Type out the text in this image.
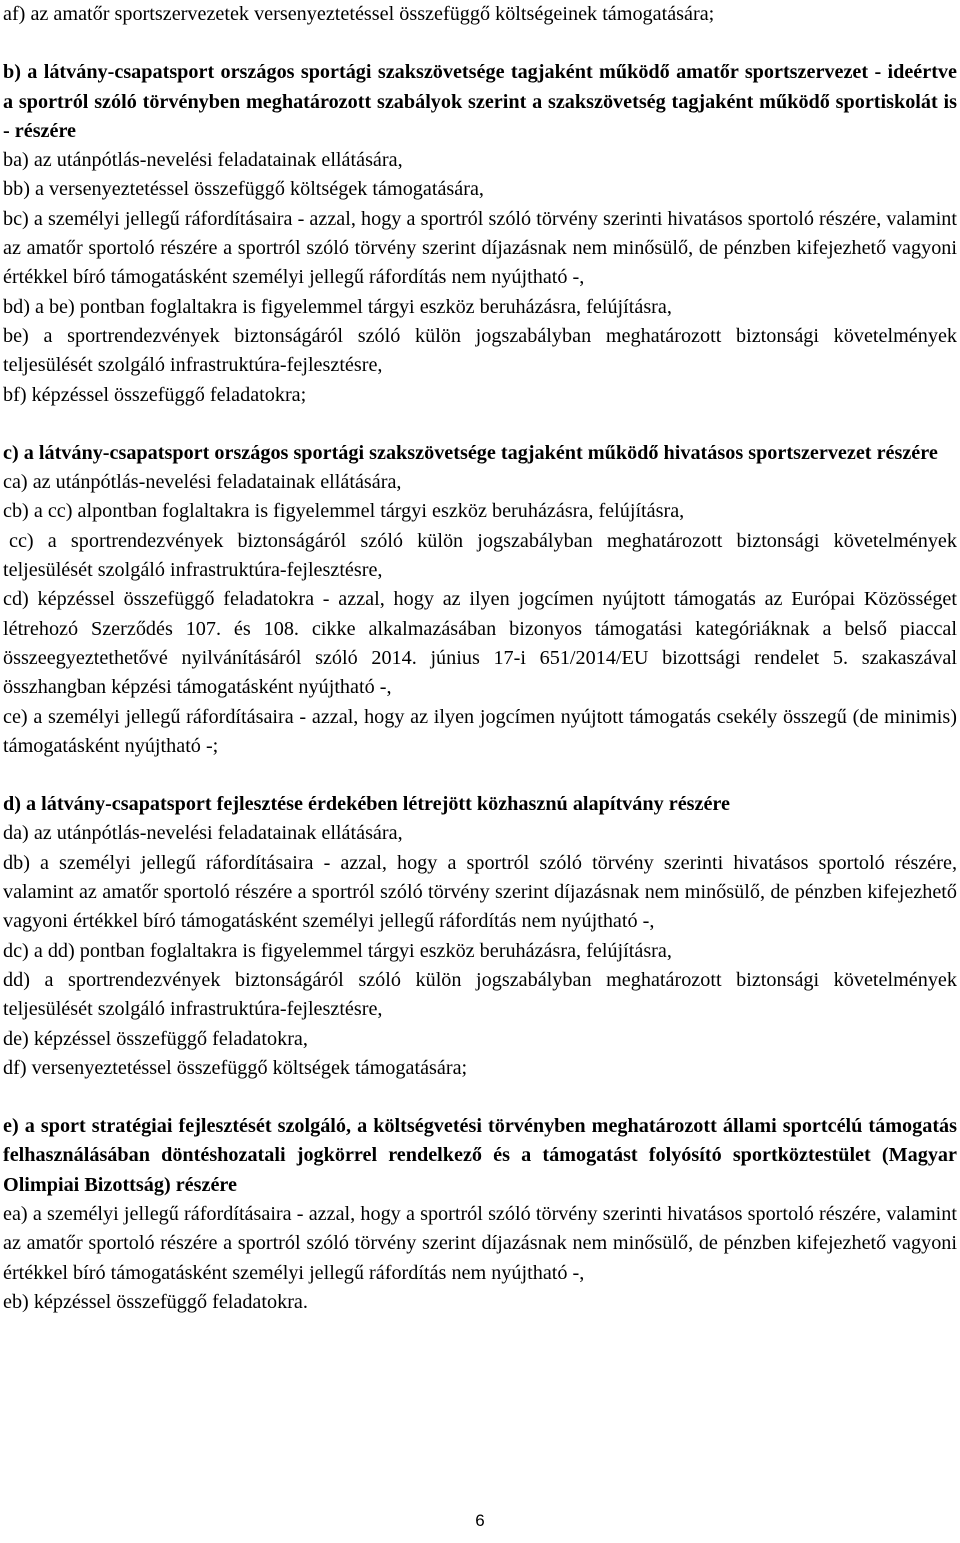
af) az amatőr sportszervezetek versenyeztetéssel összefüggő költségeinek támogatására;

b) a látvány-csapatsport országos sportági szakszövetsége tagjaként működő amatőr sportszervezet - ideértve a sportról szóló törvényben meghatározott szabályok szerint a szakszövetség tagjaként működő sportiskolát is - részére

ba) az utánpótlás-nevelési feladatainak ellátására,

bb) a versenyeztetéssel összefüggő költségek támogatására,

bc) a személyi jellegű ráfordításaira - azzal, hogy a sportról szóló törvény szerinti hivatásos sportoló részére, valamint az amatőr sportoló részére a sportról szóló törvény szerint díjazásnak nem minősülő, de pénzben kifejezhető vagyoni értékkel bíró támogatásként személyi jellegű ráfordítás nem nyújtható -,

bd) a be) pontban foglaltakra is figyelemmel tárgyi eszköz beruházásra, felújításra,

be) a sportrendezvények biztonságáról szóló külön jogszabályban meghatározott biztonsági követelmények teljesülését szolgáló infrastruktúra-fejlesztésre,

bf) képzéssel összefüggő feladatokra;

c) a látvány-csapatsport országos sportági szakszövetsége tagjaként működő hivatásos sportszervezet részére

ca) az utánpótlás-nevelési feladatainak ellátására,

cb) a cc) alpontban foglaltakra is figyelemmel tárgyi eszköz beruházásra, felújításra,

cc) a sportrendezvények biztonságáról szóló külön jogszabályban meghatározott biztonsági követelmények teljesülését szolgáló infrastruktúra-fejlesztésre,

cd) képzéssel összefüggő feladatokra - azzal, hogy az ilyen jogcímen nyújtott támogatás az Európai Közösséget létrehozó Szerződés 107. és 108. cikke alkalmazásában bizonyos támogatási kategóriáknak a belső piaccal összeegyeztethetővé nyilvánításáról szóló 2014. június 17-i 651/2014/EU bizottsági rendelet 5. szakaszával összhangban képzési támogatásként nyújtható -,

ce) a személyi jellegű ráfordításaira - azzal, hogy az ilyen jogcímen nyújtott támogatás csekély összegű (de minimis) támogatásként nyújtható -;

d) a látvány-csapatsport fejlesztése érdekében létrejött közhasznú alapítvány részére

da) az utánpótlás-nevelési feladatainak ellátására,

db) a személyi jellegű ráfordításaira - azzal, hogy a sportról szóló törvény szerinti hivatásos sportoló részére, valamint az amatőr sportoló részére a sportról szóló törvény szerint díjazásnak nem minősülő, de pénzben kifejezhető vagyoni értékkel bíró támogatásként személyi jellegű ráfordítás nem nyújtható -,

dc) a dd) pontban foglaltakra is figyelemmel tárgyi eszköz beruházásra, felújításra,

dd) a sportrendezvények biztonságáról szóló külön jogszabályban meghatározott biztonsági követelmények teljesülését szolgáló infrastruktúra-fejlesztésre,

de) képzéssel összefüggő feladatokra,

df) versenyeztetéssel összefüggő költségek támogatására;

e) a sport stratégiai fejlesztését szolgáló, a költségvetési törvényben meghatározott állami sportcélú támogatás felhasználásában döntéshozatali jogkörrel rendelkező és a támogatást folyósító sportköztestület (Magyar Olimpiai Bizottság) részére

ea) a személyi jellegű ráfordításaira - azzal, hogy a sportról szóló törvény szerinti hivatásos sportoló részére, valamint az amatőr sportoló részére a sportról szóló törvény szerint díjazásnak nem minősülő, de pénzben kifejezhető vagyoni értékkel bíró támogatásként személyi jellegű ráfordítás nem nyújtható -,

eb) képzéssel összefüggő feladatokra.

6
